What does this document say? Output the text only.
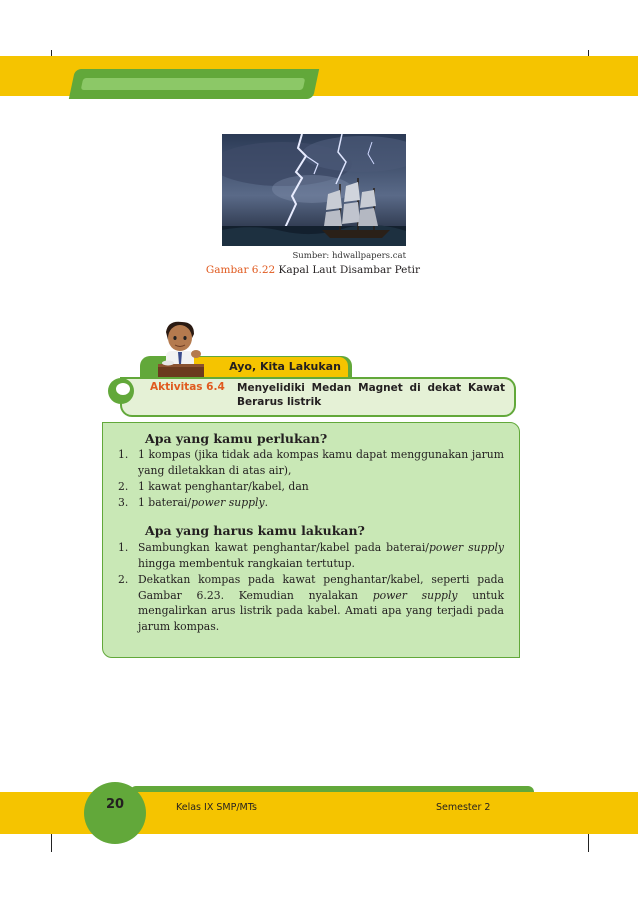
Sumber: hdwallpapers.cat
Gambar 6.22 Kapal Laut Disambar Petir
Ayo, Kita Lakukan
Aktivitas 6.4 Menyelidiki Medan Magnet di dekat Kawat Berarus listrik
Apa yang kamu perlukan?
1. 1 kompas (jika tidak ada kompas kamu dapat menggunakan jarum yang diletakkan di atas air),
2. 1 kawat penghantar/kabel, dan
3. 1 baterai/power supply.
Apa yang harus kamu lakukan?
1. Sambungkan kawat penghantar/kabel pada baterai/power supply hingga membentuk rangkaian tertutup.
2. Dekatkan kompas pada kawat penghantar/kabel, seperti pada Gambar 6.23. Kemudian nyalakan power supply untuk mengalirkan arus listrik pada kabel. Amati apa yang terjadi pada jarum kompas.
20	Kelas IX SMP/MTs	Semester 2
